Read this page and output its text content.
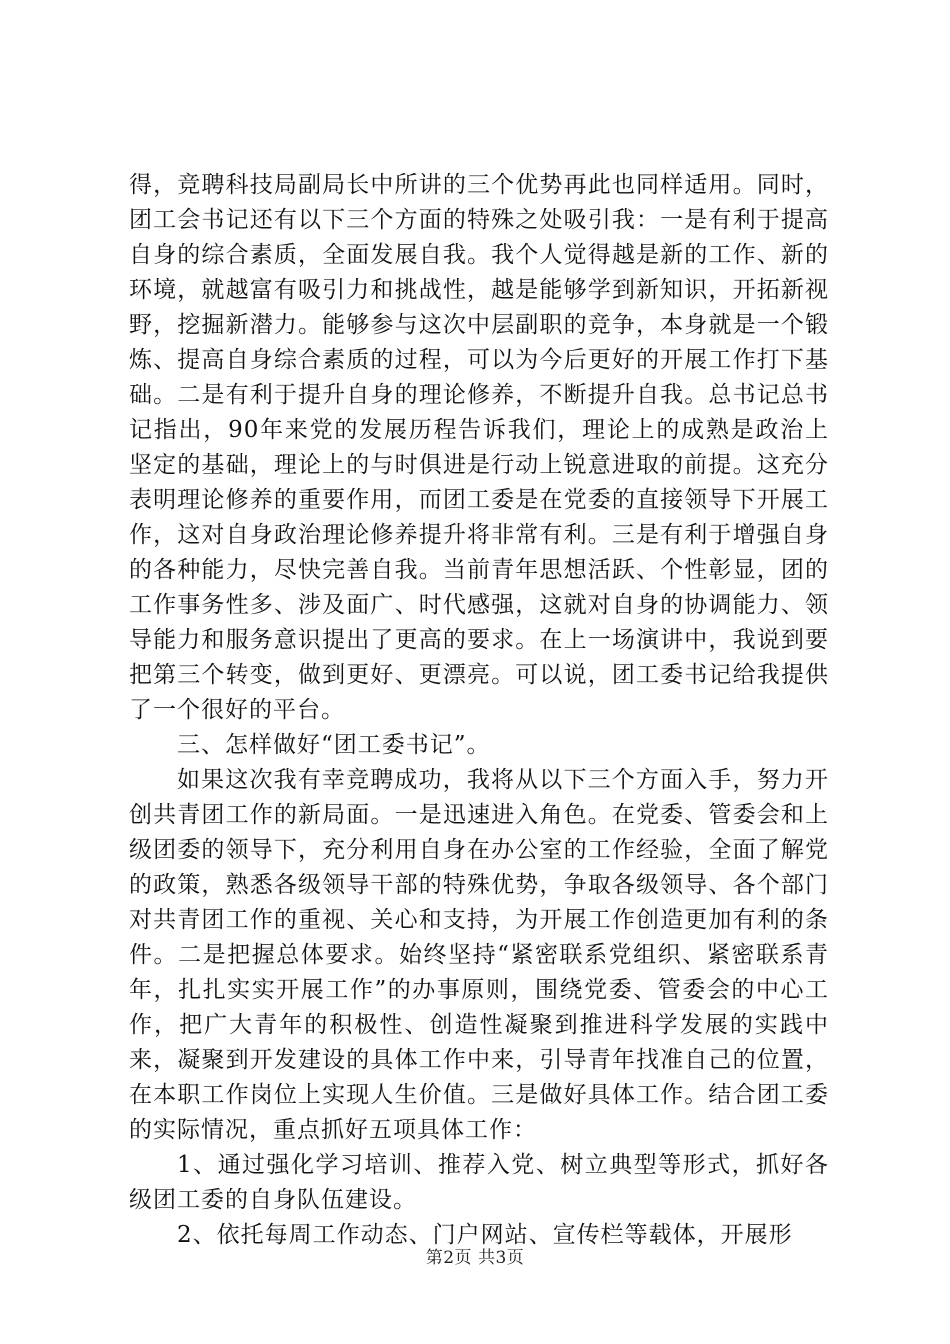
得，竞聘科技局副局长中所讲的三个优势再此也同样适用。同时，团工会书记还有以下三个方面的特殊之处吸引我：一是有利于提高自身的综合素质，全面发展自我。我个人觉得越是新的工作、新的环境，就越富有吸引力和挑战性，越是能够学到新知识，开拓新视野，挖掘新潜力。能够参与这次中层副职的竞争，本身就是一个锻炼、提高自身综合素质的过程，可以为今后更好的开展工作打下基础。二是有利于提升自身的理论修养，不断提升自我。总书记总书记指出，90年来党的发展历程告诉我们，理论上的成熟是政治上坚定的基础，理论上的与时俱进是行动上锐意进取的前提。这充分表明理论修养的重要作用，而团工委是在党委的直接领导下开展工作，这对自身政治理论修养提升将非常有利。三是有利于增强自身的各种能力，尽快完善自我。当前青年思想活跃、个性彰显，团的工作事务性多、涉及面广、时代感强，这就对自身的协调能力、领导能力和服务意识提出了更高的要求。在上一场演讲中，我说到要把第三个转变，做到更好、更漂亮。可以说，团工委书记给我提供了一个很好的平台。

三、怎样做好“团工委书记”。

如果这次我有幸竞聘成功，我将从以下三个方面入手，努力开创共青团工作的新局面。一是迅速进入角色。在党委、管委会和上级团委的领导下，充分利用自身在办公室的工作经验，全面了解党的政策，熟悉各级领导干部的特殊优势，争取各级领导、各个部门对共青团工作的重视、关心和支持，为开展工作创造更加有利的条件。二是把握总体要求。始终坚持“紧密联系党组织、紧密联系青年，扎扎实实开展工作”的办事原则，围绕党委、管委会的中心工作，把广大青年的积极性、创造性凝聚到推进科学发展的实践中来，凝聚到开发建设的具体工作中来，引导青年找准自己的位置，在本职工作岗位上实现人生价值。三是做好具体工作。结合团工委的实际情况，重点抓好五项具体工作：

1、通过强化学习培训、推荐入党、树立典型等形式，抓好各级团工委的自身队伍建设。

2、依托每周工作动态、门户网站、宣传栏等载体，开展形

第2页 共3页
